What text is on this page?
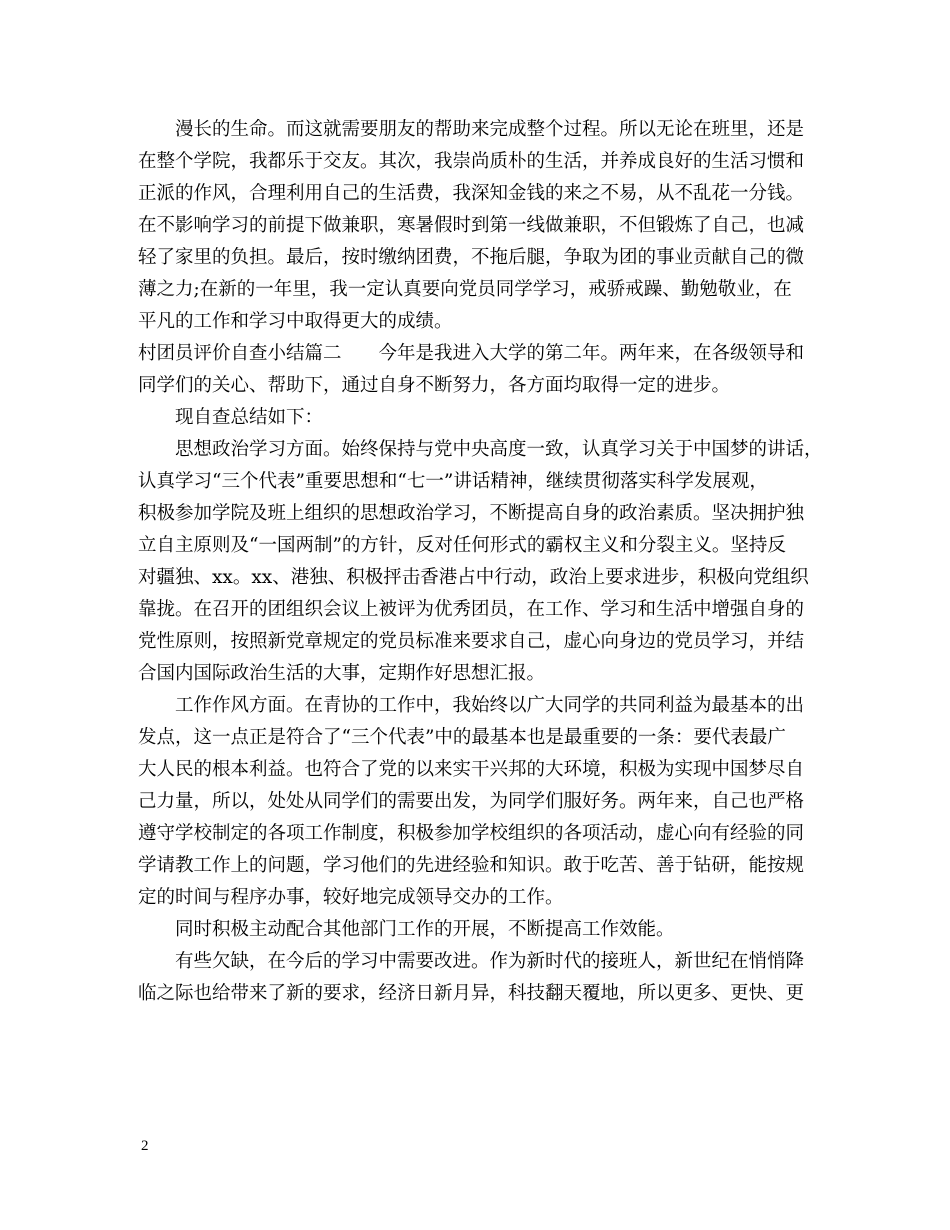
　　漫长的生命。而这就需要朋友的帮助来完成整个过程。所以无论在班里，还是
在整个学院，我都乐于交友。其次，我崇尚质朴的生活，并养成良好的生活习惯和
正派的作风，合理利用自己的生活费，我深知金钱的来之不易，从不乱花一分钱。
在不影响学习的前提下做兼职，寒暑假时到第一线做兼职，不但锻炼了自己，也减
轻了家里的负担。最后，按时缴纳团费，不拖后腿，争取为团的事业贡献自己的微
薄之力;在新的一年里，我一定认真要向党员同学学习，戒骄戒躁、勤勉敬业，在
平凡的工作和学习中取得更大的成绩。
村团员评价自查小结篇二　　今年是我进入大学的第二年。两年来，在各级领导和
同学们的关心、帮助下，通过自身不断努力，各方面均取得一定的进步。
　　现自查总结如下：
　　思想政治学习方面。始终保持与党中央高度一致，认真学习关于中国梦的讲话，
认真学习“三个代表”重要思想和“七一”讲话精神，继续贯彻落实科学发展观，
积极参加学院及班上组织的思想政治学习，不断提高自身的政治素质。坚决拥护独
立自主原则及“一国两制”的方针，反对任何形式的霸权主义和分裂主义。坚持反
对疆独、xx。xx、港独、积极抨击香港占中行动，政治上要求进步，积极向党组织
靠拢。在召开的团组织会议上被评为优秀团员，在工作、学习和生活中增强自身的
党性原则，按照新党章规定的党员标准来要求自己，虚心向身边的党员学习，并结
合国内国际政治生活的大事，定期作好思想汇报。
　　工作作风方面。在青协的工作中，我始终以广大同学的共同利益为最基本的出
发点，这一点正是符合了“三个代表”中的最基本也是最重要的一条：要代表最广
大人民的根本利益。也符合了党的以来实干兴邦的大环境，积极为实现中国梦尽自
己力量，所以，处处从同学们的需要出发，为同学们服好务。两年来，自己也严格
遵守学校制定的各项工作制度，积极参加学校组织的各项活动，虚心向有经验的同
学请教工作上的问题，学习他们的先进经验和知识。敢于吃苦、善于钻研，能按规
定的时间与程序办事，较好地完成领导交办的工作。
　　同时积极主动配合其他部门工作的开展，不断提高工作效能。
　　有些欠缺，在今后的学习中需要改进。作为新时代的接班人，新世纪在悄悄降
临之际也给带来了新的要求，经济日新月异，科技翻天覆地，所以更多、更快、更
2
